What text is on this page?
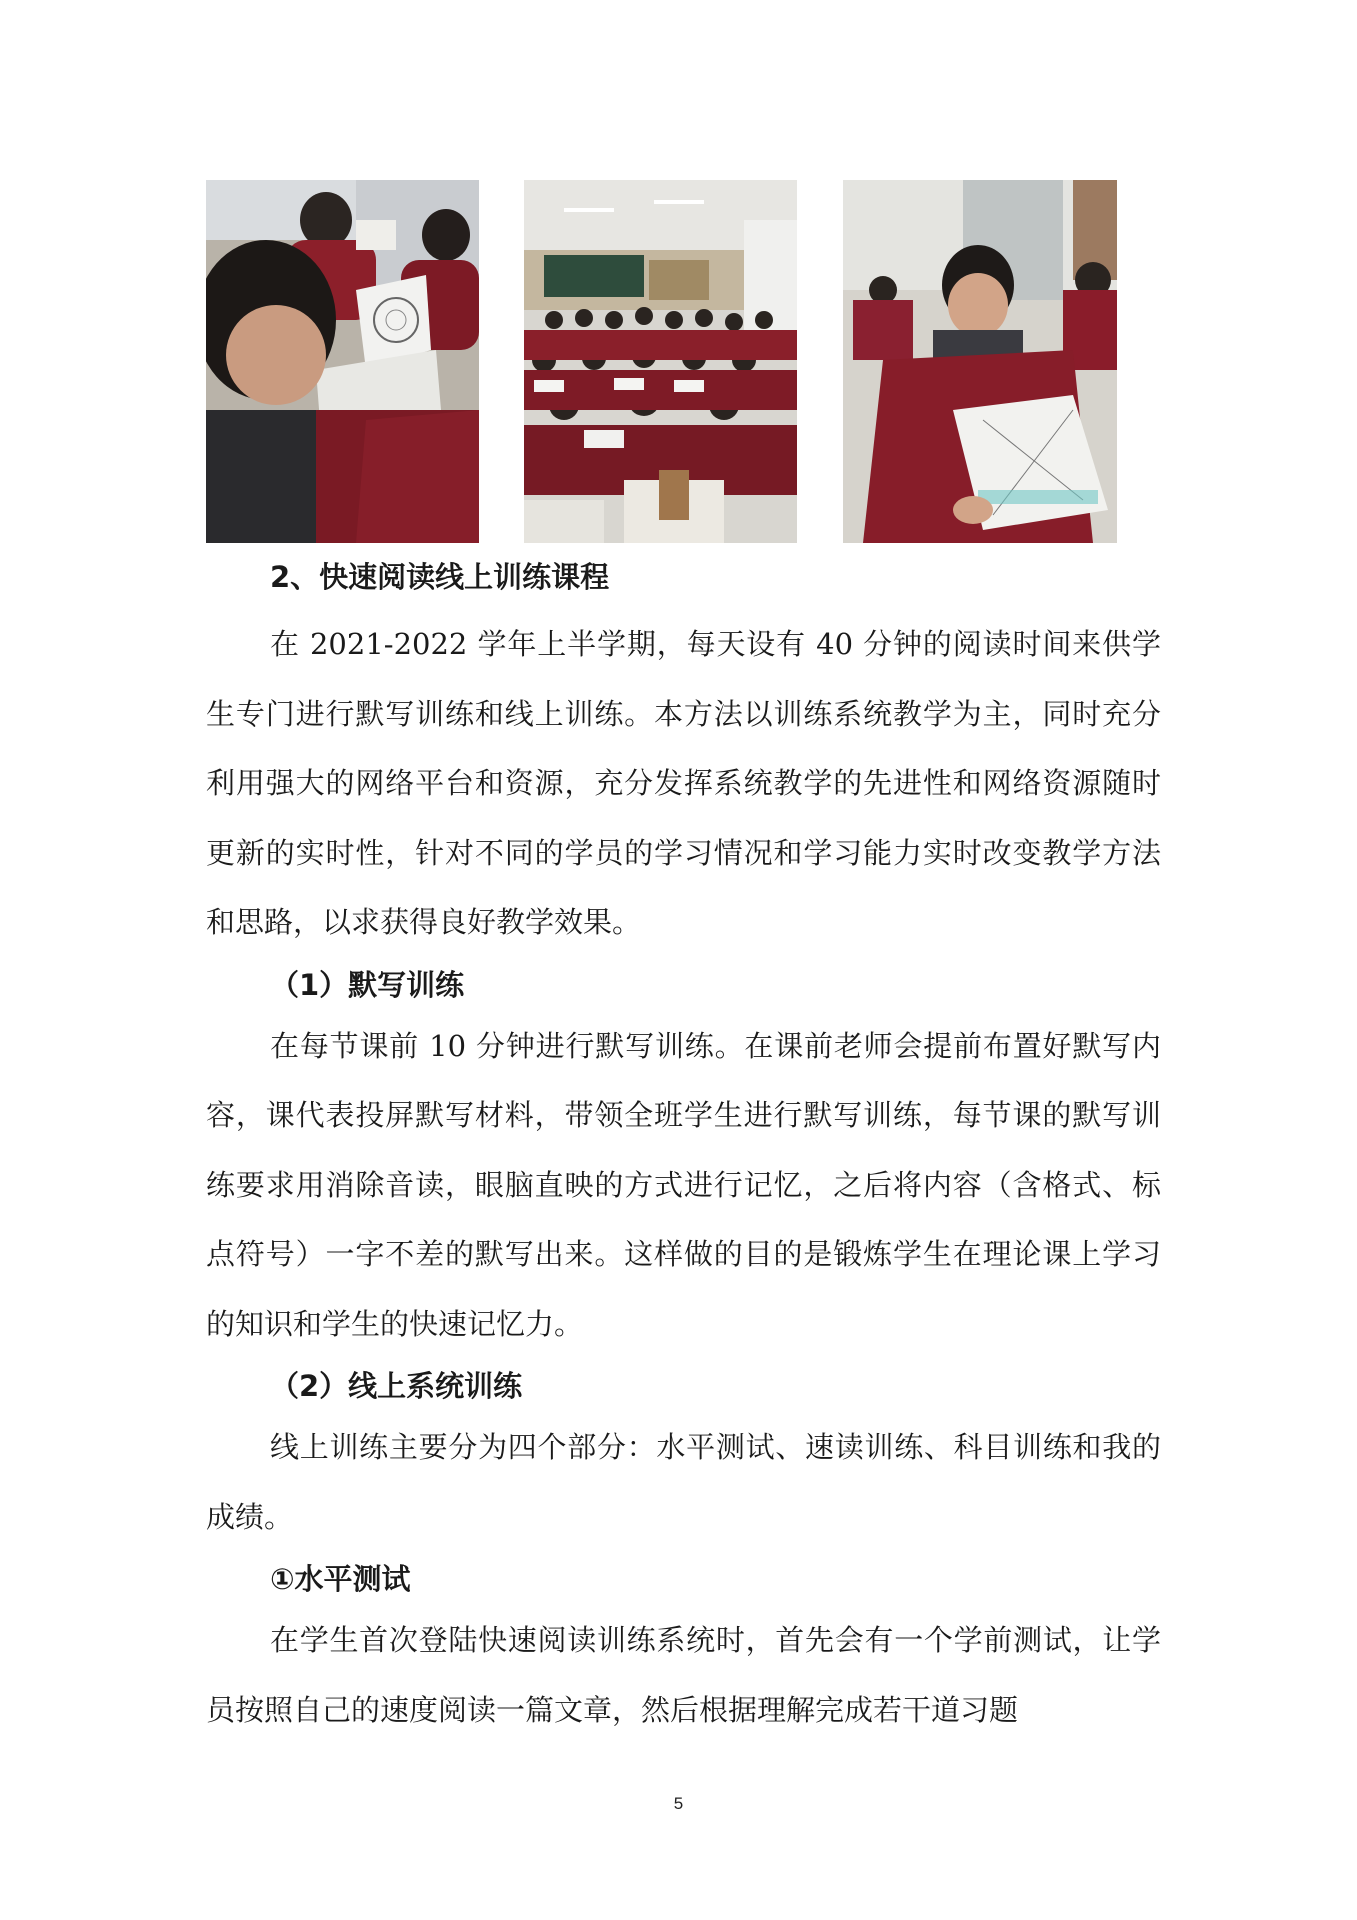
2、快速阅读线上训练课程

在 2021-2022 学年上半学期，每天设有 40 分钟的阅读时间来供学生专门进行默写训练和线上训练。本方法以训练系统教学为主，同时充分利用强大的网络平台和资源，充分发挥系统教学的先进性和网络资源随时更新的实时性，针对不同的学员的学习情况和学习能力实时改变教学方法和思路，以求获得良好教学效果。

（1）默写训练

在每节课前 10 分钟进行默写训练。在课前老师会提前布置好默写内容，课代表投屏默写材料，带领全班学生进行默写训练，每节课的默写训练要求用消除音读，眼脑直映的方式进行记忆，之后将内容（含格式、标点符号）一字不差的默写出来。这样做的目的是锻炼学生在理论课上学习的知识和学生的快速记忆力。

（2）线上系统训练

线上训练主要分为四个部分：水平测试、速读训练、科目训练和我的成绩。

①水平测试

在学生首次登陆快速阅读训练系统时，首先会有一个学前测试，让学员按照自己的速度阅读一篇文章，然后根据理解完成若干道习题

5
